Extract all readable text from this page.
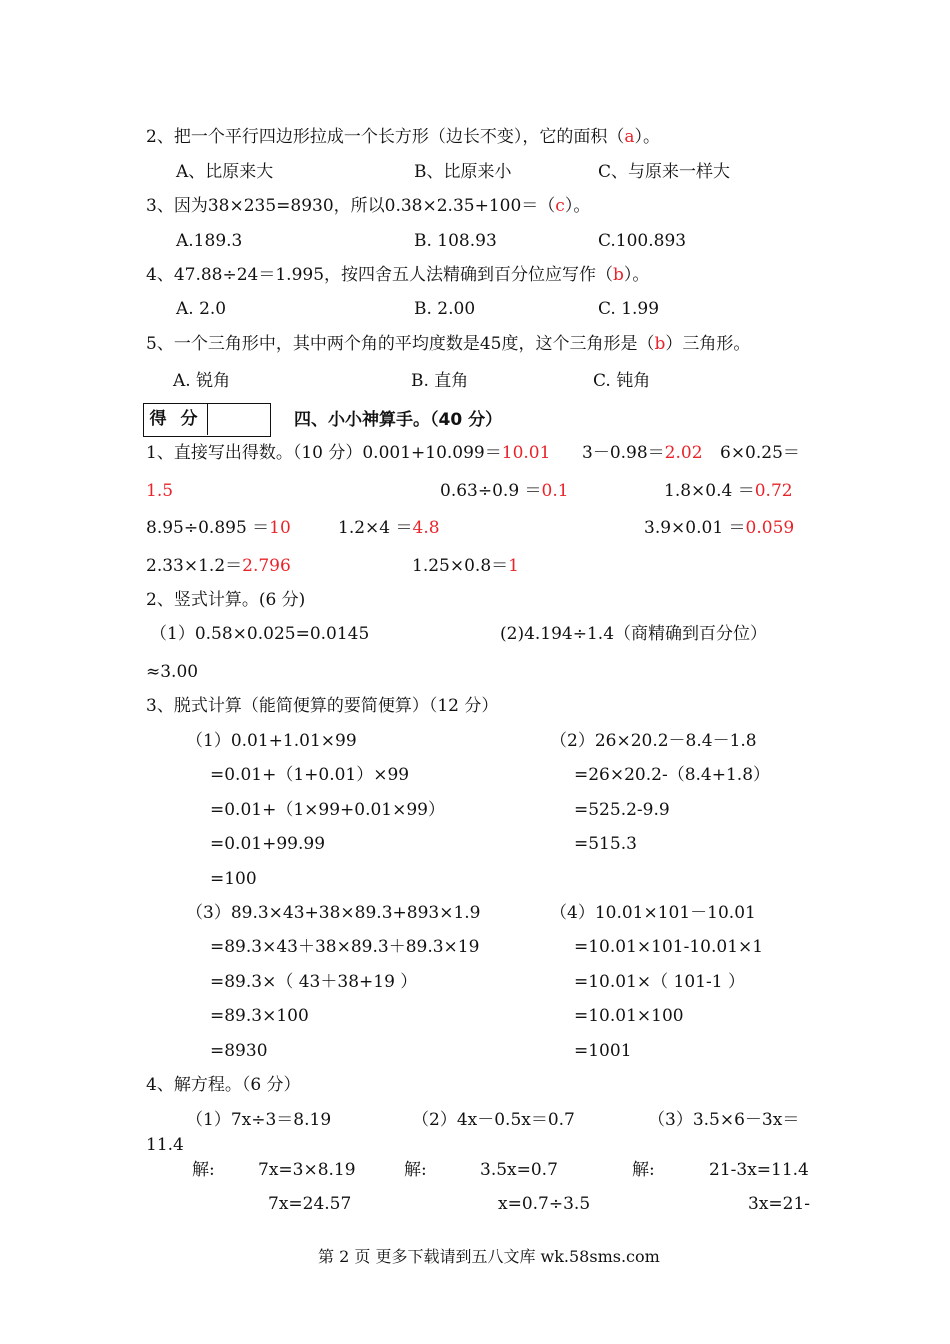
2、把一个平行四边形拉成一个长方形（边长不变），它的面积（a）。
A、比原来大	B、比原来小	C、与原来一样大
3、因为38×235=8930，所以0.38×2.35+100＝（c）。
A.189.3	B. 108.93	C.100.893
4、47.88÷24＝1.995，按四舍五人法精确到百分位应写作（b）。
A. 2.0	B. 2.00	C. 1.99
5、一个三角形中，其中两个角的平均度数是45度，这个三角形是（b）三角形。
A. 锐角	B. 直角	C. 钝角
得 分	四、小小神算手。（40 分）
1、直接写出得数。（10 分）0.001+10.099＝10.01 3－0.98＝2.02 6×0.25＝
1.5	0.63÷0.9 ＝0.1	1.8×0.4 ＝0.72
8.95÷0.895 ＝10	1.2×4 ＝4.8	3.9×0.01 ＝0.059
2.33×1.2＝2.796	1.25×0.8＝1
2、竖式计算。(6 分)
（1）0.58×0.025=0.0145	(2)4.194÷1.4（商精确到百分位）
≈3.00
3、脱式计算（能简便算的要简便算）（12 分）
（1）0.01+1.01×99
=0.01+（1+0.01）×99
=0.01+（1×99+0.01×99）
=0.01+99.99
=100
（2）26×20.2－8.4－1.8
=26×20.2-（8.4+1.8）
=525.2-9.9
=515.3
（3）89.3×43+38×89.3+893×1.9
=89.3×43＋38×89.3＋89.3×19
=89.3×（ 43＋38+19 ）
=89.3×100
=8930
（4）10.01×101－10.01
=10.01×101-10.01×1
=10.01×（ 101-1 ）
=10.01×100
=1001
4、解方程。（6 分）
（1）7x÷3＝8.19	（2）4x－0.5x＝0.7	（3）3.5×6－3x＝
11.4
解:	7x=3×8.19	解:	3.5x=0.7	解:	21-3x=11.4
7x=24.57	x=0.7÷3.5	3x=21-
第 2 页 更多下载请到五八文库 wk.58sms.com
